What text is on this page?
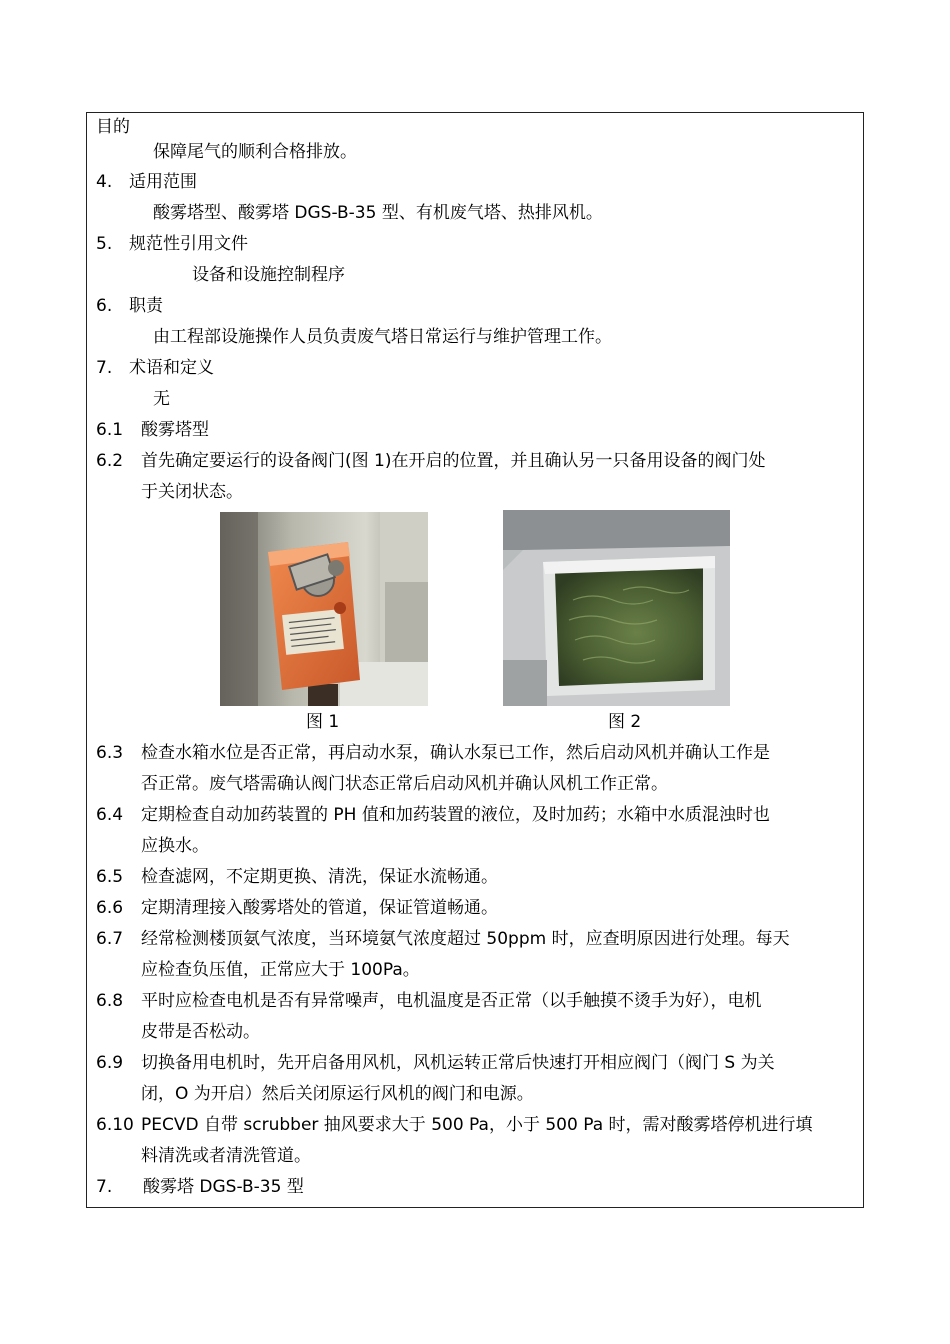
目的
保障尾气的顺利合格排放。
4. 适用范围
酸雾塔型、酸雾塔 DGS-B-35 型、有机废气塔、热排风机。
5. 规范性引用文件
设备和设施控制程序
6. 职责
由工程部设施操作人员负责废气塔日常运行与维护管理工作。
7. 术语和定义
无
6.1 酸雾塔型
6.2 首先确定要运行的设备阀门(图 1)在开启的位置，并且确认另一只备用设备的阀门处
于关闭状态。
图 1	图 2
6.3 检查水箱水位是否正常，再启动水泵，确认水泵已工作，然后启动风机并确认工作是
否正常。废气塔需确认阀门状态正常后启动风机并确认风机工作正常。
6.4 定期检查自动加药装置的 PH 值和加药装置的液位，及时加药；水箱中水质混浊时也
应换水。
6.5 检查滤网，不定期更换、清洗，保证水流畅通。
6.6 定期清理接入酸雾塔处的管道，保证管道畅通。
6.7 经常检测楼顶氨气浓度，当环境氨气浓度超过 50ppm 时，应查明原因进行处理。每天
应检查负压值，正常应大于 100Pa。
6.8 平时应检查电机是否有异常噪声，电机温度是否正常（以手触摸不烫手为好），电机
皮带是否松动。
6.9 切换备用电机时，先开启备用风机，风机运转正常后快速打开相应阀门（阀门 S 为关
闭，O 为开启）然后关闭原运行风机的阀门和电源。
6.10 PECVD 自带 scrubber 抽风要求大于 500 Pa，小于 500 Pa 时，需对酸雾塔停机进行填
料清洗或者清洗管道。
7. 酸雾塔 DGS-B-35 型
